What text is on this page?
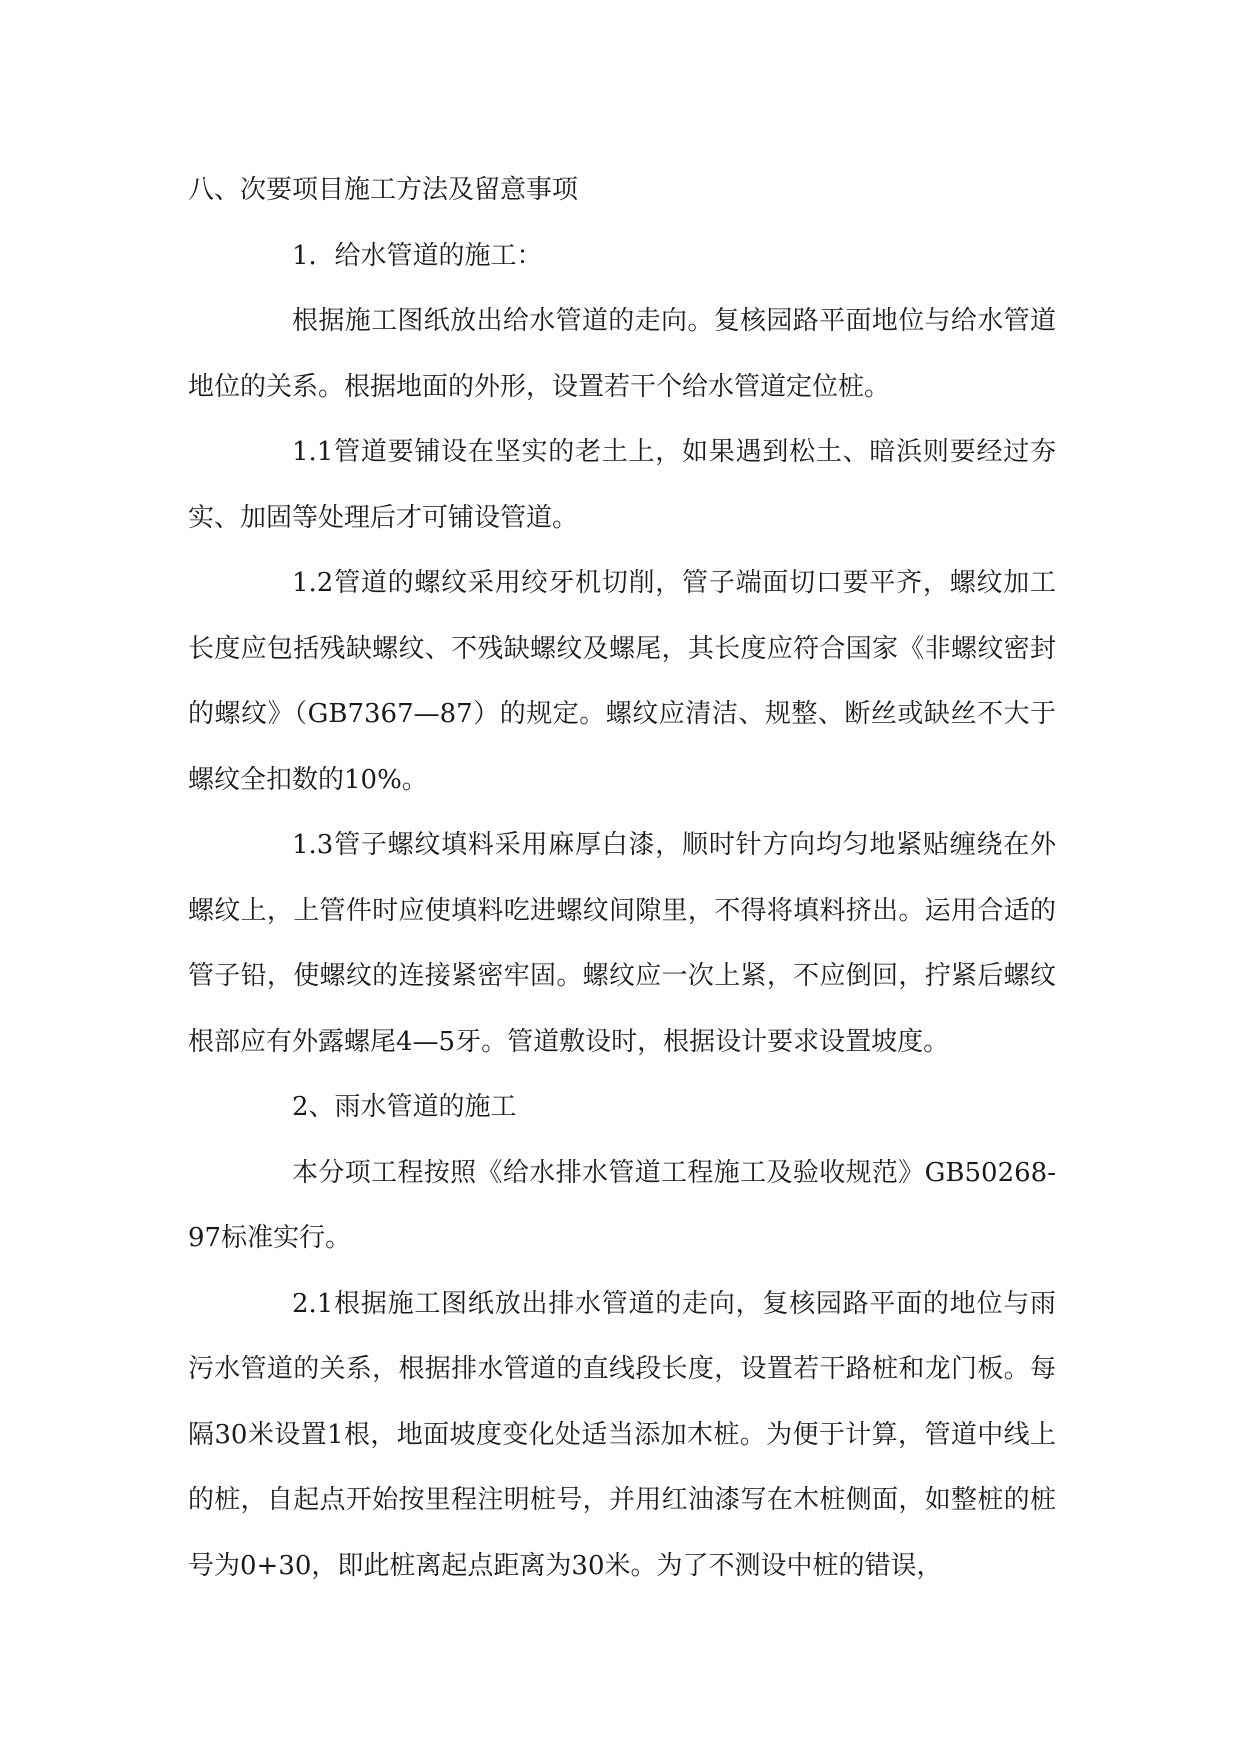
八、次要项目施工方法及留意事项

1．给水管道的施工：

根据施工图纸放出给水管道的走向。复核园路平面地位与给水管道地位的关系。根据地面的外形，设置若干个给水管道定位桩。

1.1管道要铺设在坚实的老土上，如果遇到松土、暗浜则要经过夯实、加固等处理后才可铺设管道。

1.2管道的螺纹采用绞牙机切削，管子端面切口要平齐，螺纹加工长度应包括残缺螺纹、不残缺螺纹及螺尾，其长度应符合国家《非螺纹密封的螺纹》（GB7367—87）的规定。螺纹应清洁、规整、断丝或缺丝不大于螺纹全扣数的10%。

1.3管子螺纹填料采用麻厚白漆，顺时针方向均匀地紧贴缠绕在外螺纹上，上管件时应使填料吃进螺纹间隙里，不得将填料挤出。运用合适的管子铅，使螺纹的连接紧密牢固。螺纹应一次上紧，不应倒回，拧紧后螺纹根部应有外露螺尾4—5牙。管道敷设时，根据设计要求设置坡度。

2、雨水管道的施工

本分项工程按照《给水排水管道工程施工及验收规范》GB50268-97标准实行。

2.1根据施工图纸放出排水管道的走向，复核园路平面的地位与雨污水管道的关系，根据排水管道的直线段长度，设置若干路桩和龙门板。每隔30米设置1根，地面坡度变化处适当添加木桩。为便于计算，管道中线上的桩，自起点开始按里程注明桩号，并用红油漆写在木桩侧面，如整桩的桩号为0+30，即此桩离起点距离为30米。为了不测设中桩的错误，
